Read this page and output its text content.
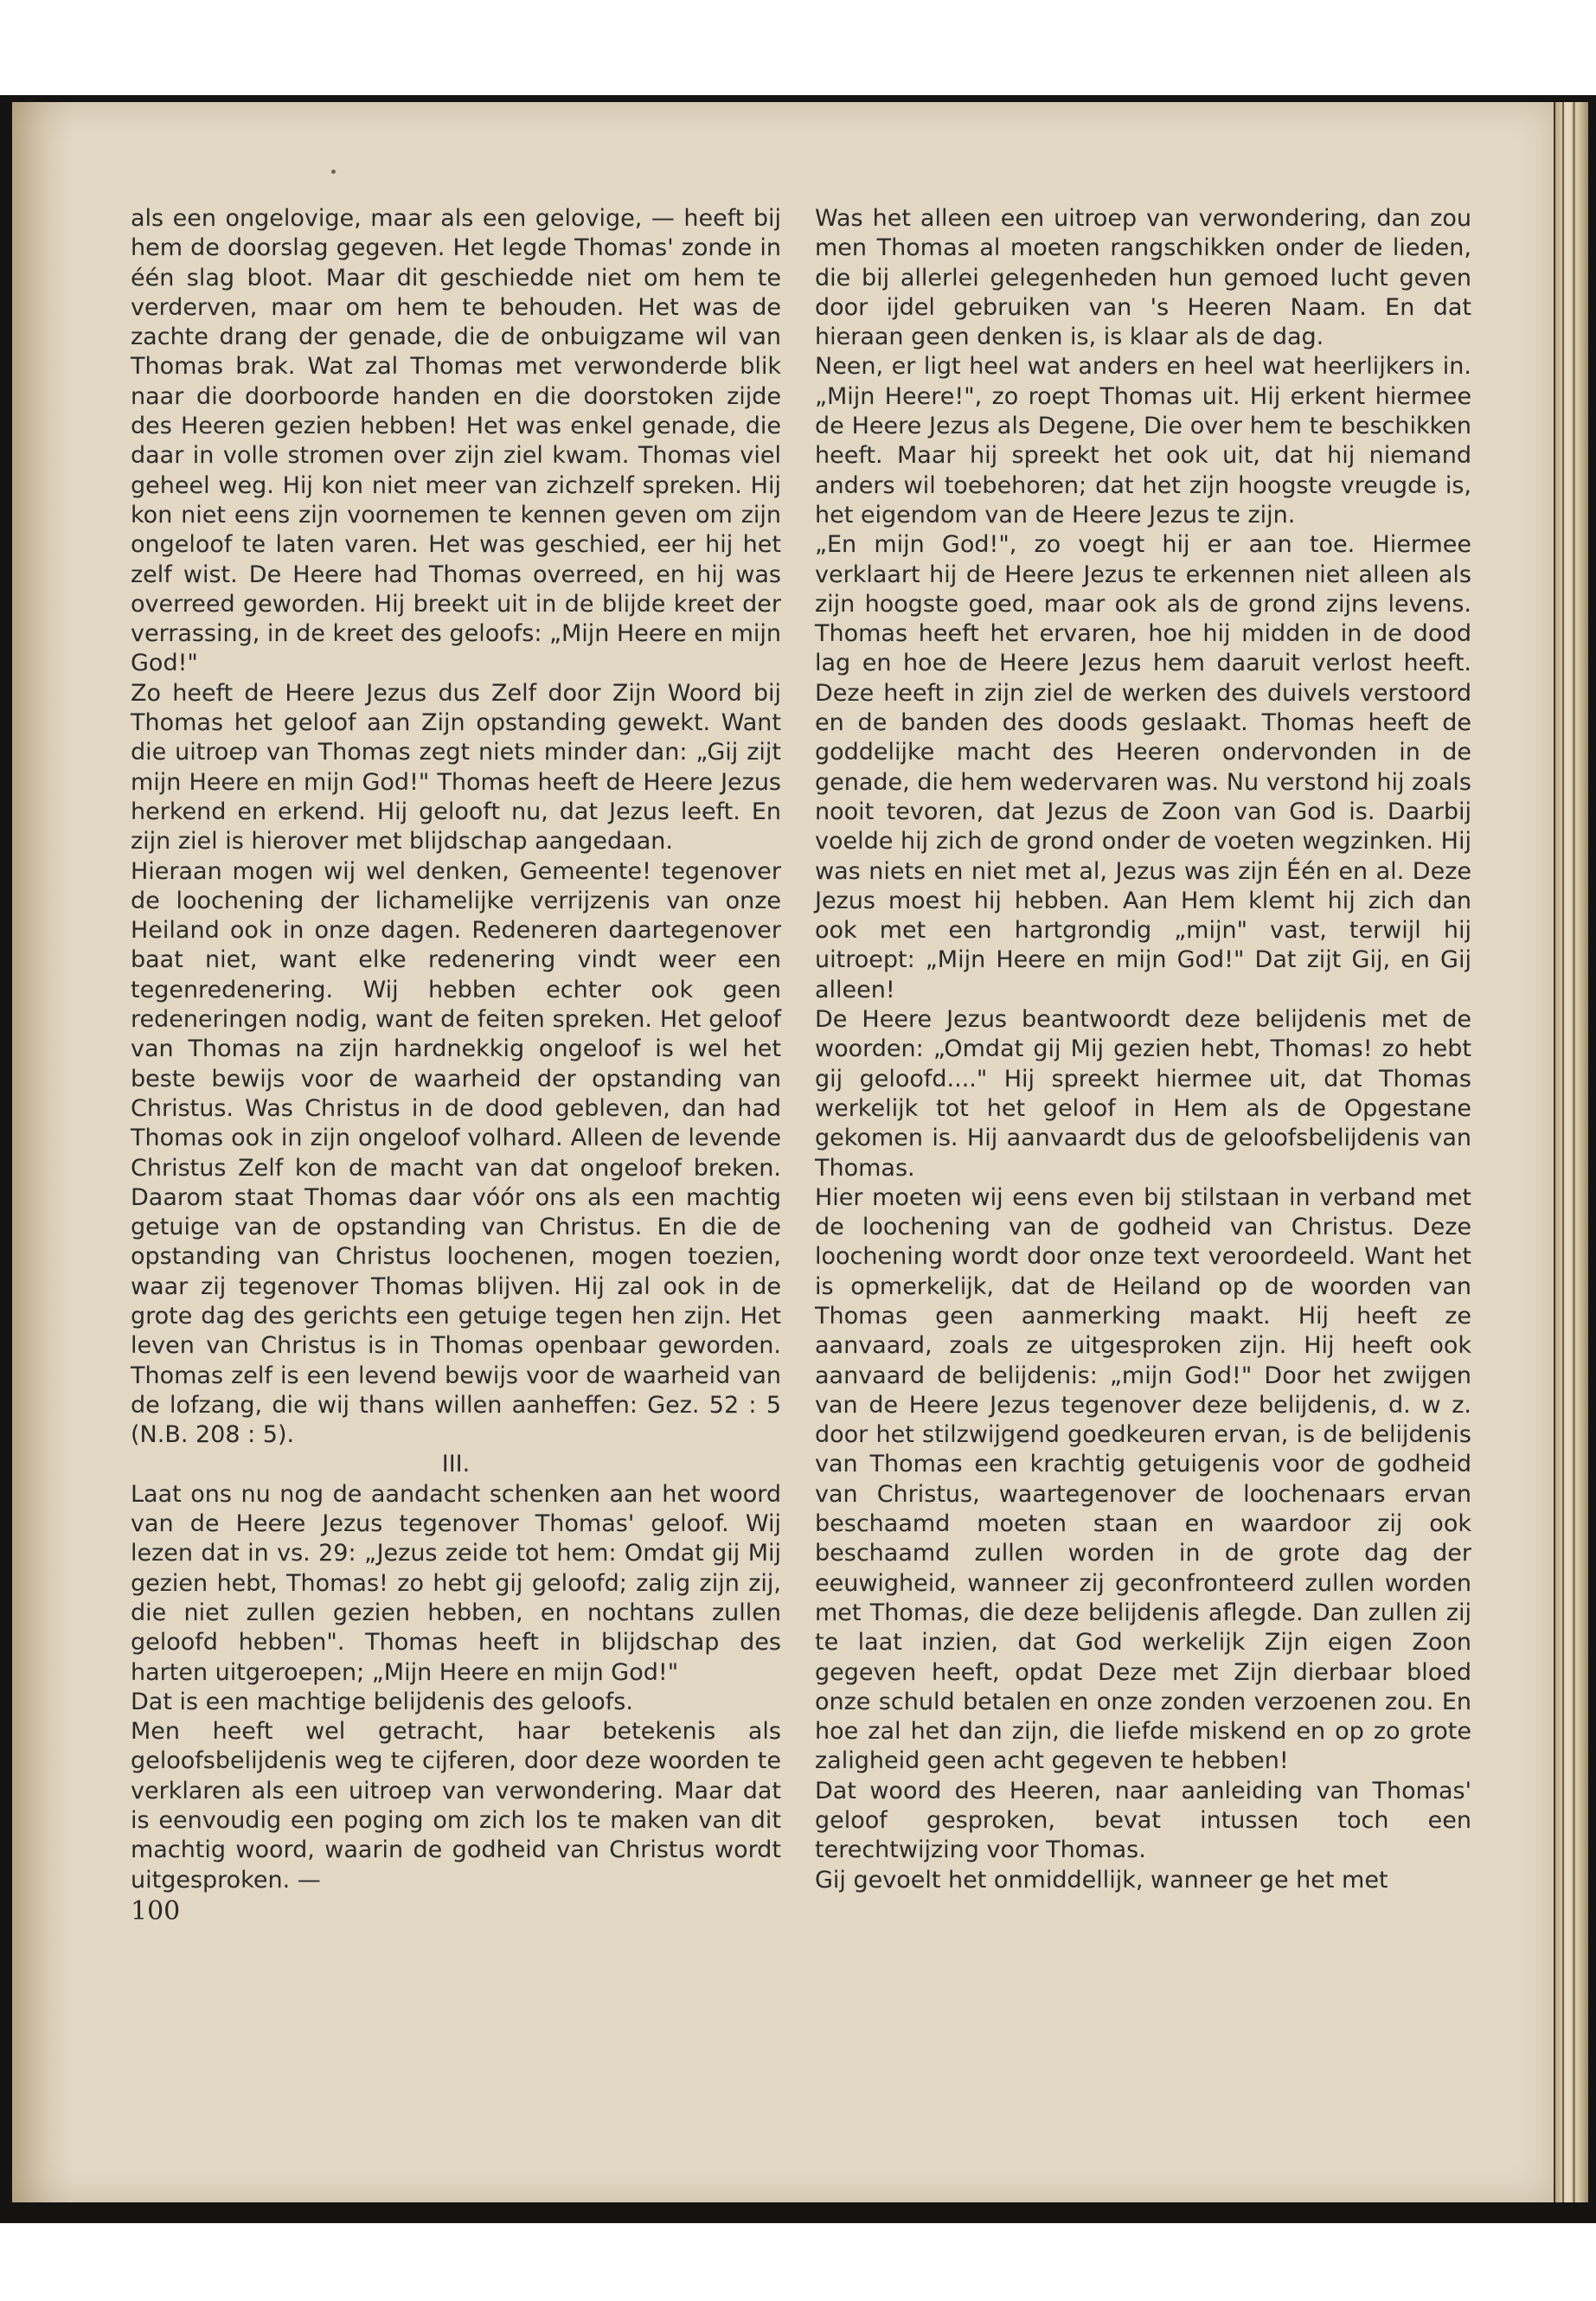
als een ongelovige, maar als een gelovige, — heeft bij hem de doorslag gegeven. Het legde Thomas' zonde in één slag bloot. Maar dit geschiedde niet om hem te verderven, maar om hem te behouden. Het was de zachte drang der genade, die de onbuigzame wil van Thomas brak. Wat zal Thomas met verwonderde blik naar die doorboorde handen en die doorstoken zijde des Heeren gezien hebben! Het was enkel genade, die daar in volle stromen over zijn ziel kwam. Thomas viel geheel weg. Hij kon niet meer van zichzelf spreken. Hij kon niet eens zijn voornemen te kennen geven om zijn ongeloof te laten varen. Het was geschied, eer hij het zelf wist. De Heere had Thomas overreed, en hij was overreed geworden. Hij breekt uit in de blijde kreet der verrassing, in de kreet des geloofs: „Mijn Heere en mijn God!"

Zo heeft de Heere Jezus dus Zelf door Zijn Woord bij Thomas het geloof aan Zijn opstanding gewekt. Want die uitroep van Thomas zegt niets minder dan: „Gij zijt mijn Heere en mijn God!" Thomas heeft de Heere Jezus herkend en erkend. Hij gelooft nu, dat Jezus leeft. En zijn ziel is hierover met blijdschap aangedaan.

Hieraan mogen wij wel denken, Gemeente! tegenover de loochening der lichamelijke verrijzenis van onze Heiland ook in onze dagen. Redeneren daartegenover baat niet, want elke redenering vindt weer een tegenredenering. Wij hebben echter ook geen redeneringen nodig, want de feiten spreken. Het geloof van Thomas na zijn hardnekkig ongeloof is wel het beste bewijs voor de waarheid der opstanding van Christus. Was Christus in de dood gebleven, dan had Thomas ook in zijn ongeloof volhard. Alleen de levende Christus Zelf kon de macht van dat ongeloof breken. Daarom staat Thomas daar vóór ons als een machtig getuige van de opstanding van Christus. En die de opstanding van Christus loochenen, mogen toezien, waar zij tegenover Thomas blijven. Hij zal ook in de grote dag des gerichts een getuige tegen hen zijn. Het leven van Christus is in Thomas openbaar geworden. Thomas zelf is een levend bewijs voor de waarheid van de lofzang, die wij thans willen aanheffen: Gez. 52 : 5 (N.B. 208 : 5).

III.

Laat ons nu nog de aandacht schenken aan het woord van de Heere Jezus tegenover Thomas' geloof. Wij lezen dat in vs. 29: „Jezus zeide tot hem: Omdat gij Mij gezien hebt, Thomas! zo hebt gij geloofd; zalig zijn zij, die niet zullen gezien hebben, en nochtans zullen geloofd hebben". Thomas heeft in blijdschap des harten uitgeroepen; „Mijn Heere en mijn God!"

Dat is een machtige belijdenis des geloofs.

Men heeft wel getracht, haar betekenis als geloofsbelijdenis weg te cijferen, door deze woorden te verklaren als een uitroep van verwondering. Maar dat is eenvoudig een poging om zich los te maken van dit machtig woord, waarin de godheid van Christus wordt uitgesproken. —

100

Was het alleen een uitroep van verwondering, dan zou men Thomas al moeten rangschikken onder de lieden, die bij allerlei gelegenheden hun gemoed lucht geven door ijdel gebruiken van 's Heeren Naam. En dat hieraan geen denken is, is klaar als de dag.

Neen, er ligt heel wat anders en heel wat heerlijkers in. „Mijn Heere!", zo roept Thomas uit. Hij erkent hiermee de Heere Jezus als Degene, Die over hem te beschikken heeft. Maar hij spreekt het ook uit, dat hij niemand anders wil toebehoren; dat het zijn hoogste vreugde is, het eigendom van de Heere Jezus te zijn.

„En mijn God!", zo voegt hij er aan toe. Hiermee verklaart hij de Heere Jezus te erkennen niet alleen als zijn hoogste goed, maar ook als de grond zijns levens. Thomas heeft het ervaren, hoe hij midden in de dood lag en hoe de Heere Jezus hem daaruit verlost heeft. Deze heeft in zijn ziel de werken des duivels verstoord en de banden des doods geslaakt. Thomas heeft de goddelijke macht des Heeren ondervonden in de genade, die hem wedervaren was. Nu verstond hij zoals nooit tevoren, dat Jezus de Zoon van God is. Daarbij voelde hij zich de grond onder de voeten wegzinken. Hij was niets en niet met al, Jezus was zijn Één en al. Deze Jezus moest hij hebben. Aan Hem klemt hij zich dan ook met een hartgrondig „mijn" vast, terwijl hij uitroept: „Mijn Heere en mijn God!" Dat zijt Gij, en Gij alleen!

De Heere Jezus beantwoordt deze belijdenis met de woorden: „Omdat gij Mij gezien hebt, Thomas! zo hebt gij geloofd...." Hij spreekt hiermee uit, dat Thomas werkelijk tot het geloof in Hem als de Opgestane gekomen is. Hij aanvaardt dus de geloofsbelijdenis van Thomas.

Hier moeten wij eens even bij stilstaan in verband met de loochening van de godheid van Christus. Deze loochening wordt door onze text veroordeeld. Want het is opmerkelijk, dat de Heiland op de woorden van Thomas geen aanmerking maakt. Hij heeft ze aanvaard, zoals ze uitgesproken zijn. Hij heeft ook aanvaard de belijdenis: „mijn God!" Door het zwijgen van de Heere Jezus tegenover deze belijdenis, d. w z. door het stilzwijgend goedkeuren ervan, is de belijdenis van Thomas een krachtig getuigenis voor de godheid van Christus, waartegenover de loochenaars ervan beschaamd moeten staan en waardoor zij ook beschaamd zullen worden in de grote dag der eeuwigheid, wanneer zij geconfronteerd zullen worden met Thomas, die deze belijdenis aflegde. Dan zullen zij te laat inzien, dat God werkelijk Zijn eigen Zoon gegeven heeft, opdat Deze met Zijn dierbaar bloed onze schuld betalen en onze zonden verzoenen zou. En hoe zal het dan zijn, die liefde miskend en op zo grote zaligheid geen acht gegeven te hebben!

Dat woord des Heeren, naar aanleiding van Thomas' geloof gesproken, bevat intussen toch een terechtwijzing voor Thomas.

Gij gevoelt het onmiddellijk, wanneer ge het met
